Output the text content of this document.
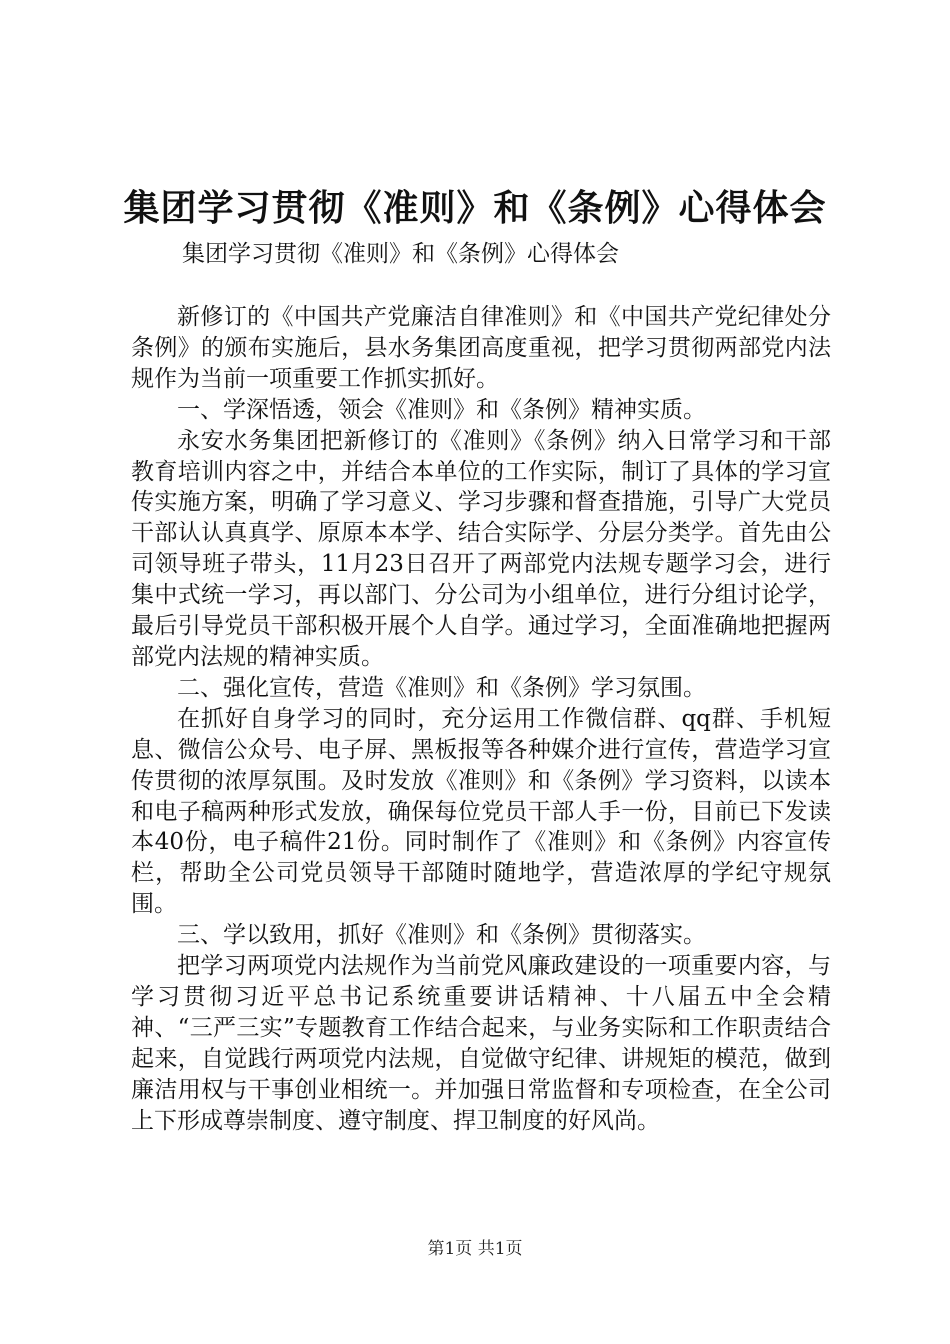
集团学习贯彻《准则》和《条例》心得体会

集团学习贯彻《准则》和《条例》心得体会

新修订的《中国共产党廉洁自律准则》和《中国共产党纪律处分条例》的颁布实施后，县水务集团高度重视，把学习贯彻两部党内法规作为当前一项重要工作抓实抓好。

一、学深悟透，领会《准则》和《条例》精神实质。

永安水务集团把新修订的《准则》《条例》纳入日常学习和干部教育培训内容之中，并结合本单位的工作实际，制订了具体的学习宣传实施方案，明确了学习意义、学习步骤和督查措施，引导广大党员干部认认真真学、原原本本学、结合实际学、分层分类学。首先由公司领导班子带头，11月23日召开了两部党内法规专题学习会，进行集中式统一学习，再以部门、分公司为小组单位，进行分组讨论学，最后引导党员干部积极开展个人自学。通过学习，全面准确地把握两部党内法规的精神实质。

二、强化宣传，营造《准则》和《条例》学习氛围。

在抓好自身学习的同时，充分运用工作微信群、qq群、手机短息、微信公众号、电子屏、黑板报等各种媒介进行宣传，营造学习宣传贯彻的浓厚氛围。及时发放《准则》和《条例》学习资料，以读本和电子稿两种形式发放，确保每位党员干部人手一份，目前已下发读本40份，电子稿件21份。同时制作了《准则》和《条例》内容宣传栏，帮助全公司党员领导干部随时随地学，营造浓厚的学纪守规氛围。

三、学以致用，抓好《准则》和《条例》贯彻落实。

把学习两项党内法规作为当前党风廉政建设的一项重要内容，与学习贯彻习近平总书记系统重要讲话精神、十八届五中全会精神、“三严三实”专题教育工作结合起来，与业务实际和工作职责结合起来，自觉践行两项党内法规，自觉做守纪律、讲规矩的模范，做到廉洁用权与干事创业相统一。并加强日常监督和专项检查，在全公司上下形成尊崇制度、遵守制度、捍卫制度的好风尚。

第1页 共1页
